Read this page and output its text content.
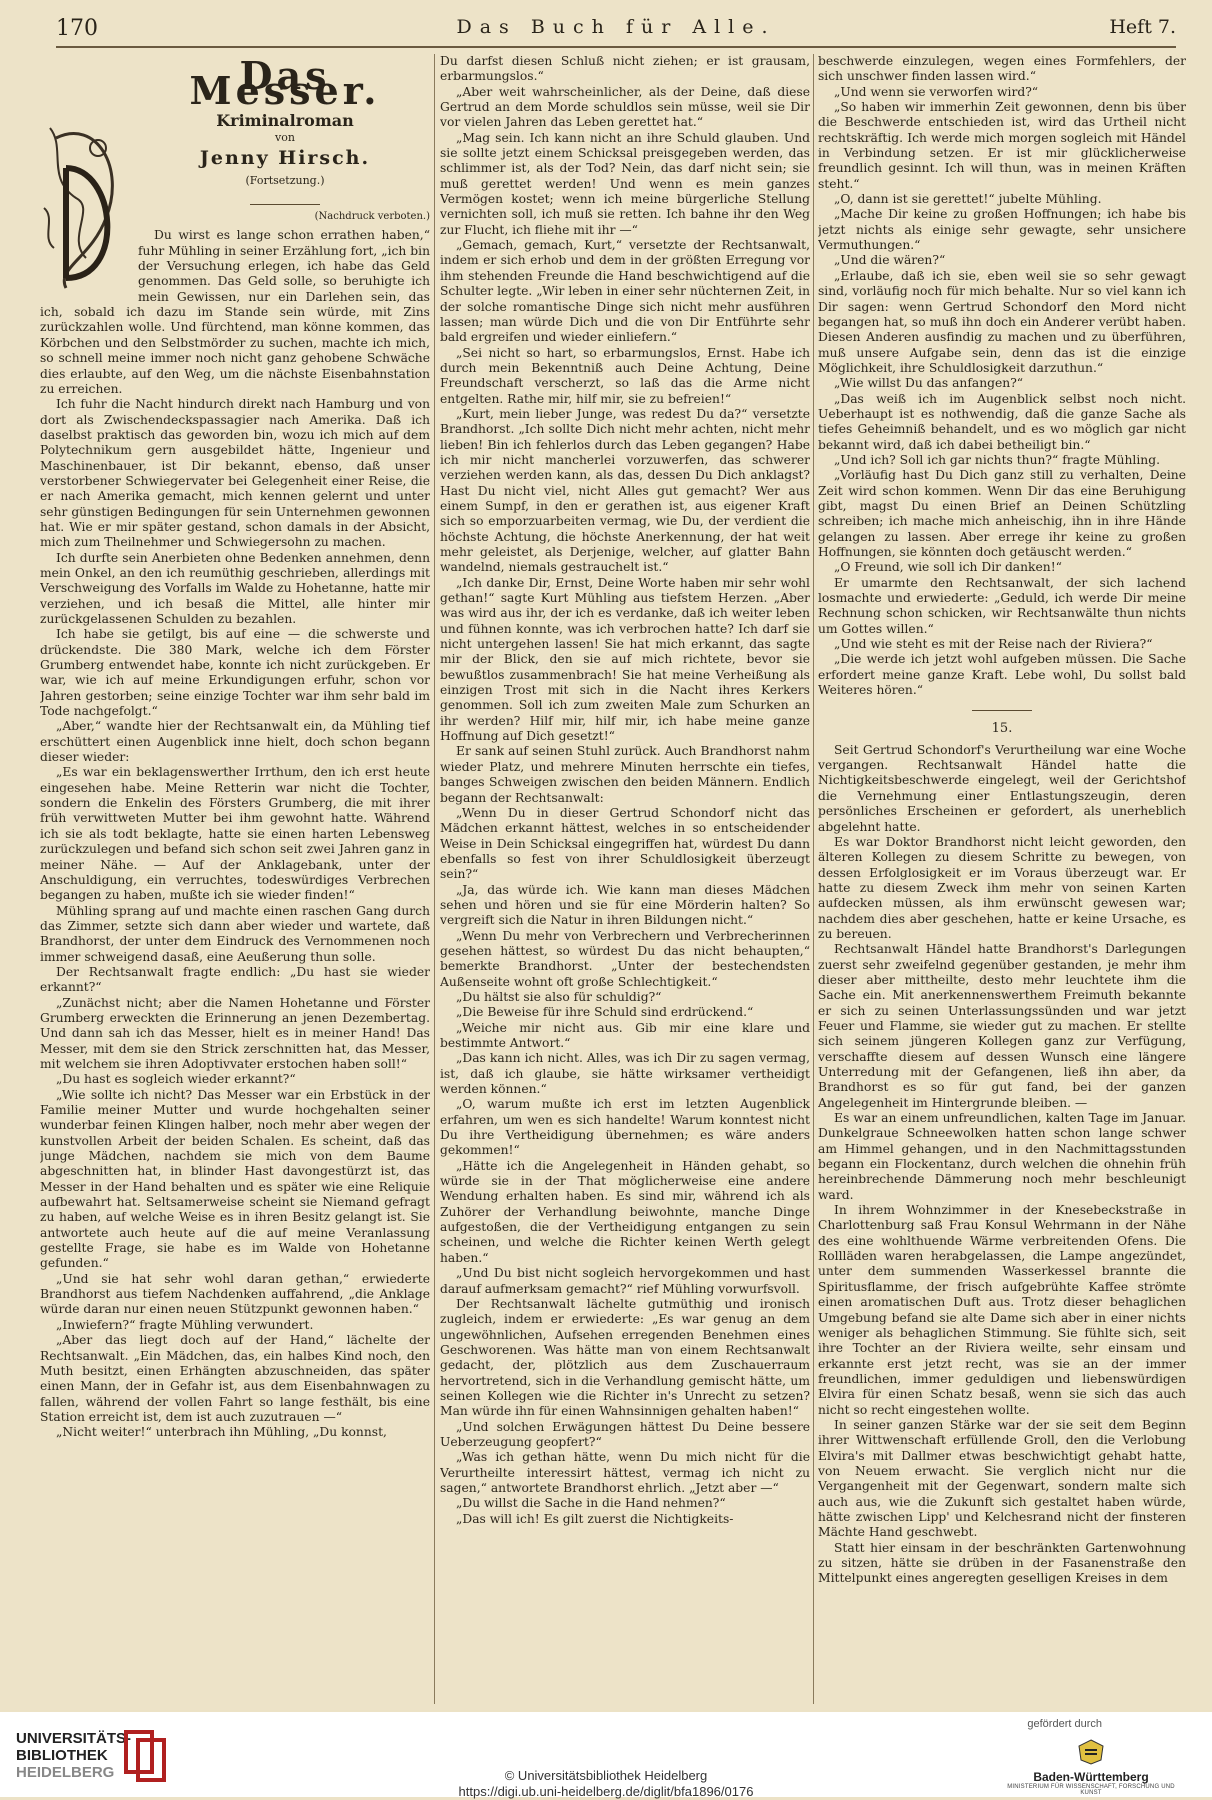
170	Das Buch für Alle.	Heft 7.
Das Messer.
Kriminalroman
von
Jenny Hirsch.
(Fortsetzung.)
(Nachdruck verboten.)

Du wirst es lange schon errathen haben,“ fuhr Mühling in seiner Erzählung fort, „ich bin der Versuchung erlegen, ich habe das Geld genommen. Das Geld solle, so beruhigte ich mein Gewissen, nur ein Darlehen sein, das ich, sobald ich dazu im Stande sein würde, mit Zins zurückzahlen wolle. Und fürchtend, man könne kommen, das Körbchen und den Selbstmörder zu suchen, machte ich mich, so schnell meine immer noch nicht ganz gehobene Schwäche dies erlaubte, auf den Weg, um die nächste Eisenbahnstation zu erreichen.

Ich fuhr die Nacht hindurch direkt nach Hamburg und von dort als Zwischendeckspassagier nach Amerika. Daß ich daselbst praktisch das geworden bin, wozu ich mich auf dem Polytechnikum gern ausgebildet hätte, Ingenieur und Maschinenbauer, ist Dir bekannt, ebenso, daß unser verstorbener Schwiegervater bei Gelegenheit einer Reise, die er nach Amerika gemacht, mich kennen gelernt und unter sehr günstigen Bedingungen für sein Unternehmen gewonnen hat. Wie er mir später gestand, schon damals in der Absicht, mich zum Theilnehmer und Schwiegersohn zu machen.

Ich durfte sein Anerbieten ohne Bedenken annehmen, denn mein Onkel, an den ich reumüthig geschrieben, allerdings mit Verschweigung des Vorfalls im Walde zu Hohetanne, hatte mir verziehen, und ich besaß die Mittel, alle hinter mir zurückgelassenen Schulden zu bezahlen.

Ich habe sie getilgt, bis auf eine — die schwerste und drückendste. Die 380 Mark, welche ich dem Förster Grumberg entwendet habe, konnte ich nicht zurückgeben. Er war, wie ich auf meine Erkundigungen erfuhr, schon vor Jahren gestorben; seine einzige Tochter war ihm sehr bald im Tode nachgefolgt.“

„Aber,“ wandte hier der Rechtsanwalt ein, da Mühling tief erschüttert einen Augenblick inne hielt, doch schon begann dieser wieder:

„Es war ein beklagenswerther Irrthum, den ich erst heute eingesehen habe. Meine Retterin war nicht die Tochter, sondern die Enkelin des Försters Grumberg, die mit ihrer früh verwittweten Mutter bei ihm gewohnt hatte. Während ich sie als todt beklagte, hatte sie einen harten Lebensweg zurückzulegen und befand sich schon seit zwei Jahren ganz in meiner Nähe. — Auf der Anklagebank, unter der Anschuldigung, ein verruchtes, todeswürdiges Verbrechen begangen zu haben, mußte ich sie wieder finden!“

Mühling sprang auf und machte einen raschen Gang durch das Zimmer, setzte sich dann aber wieder und wartete, daß Brandhorst, der unter dem Eindruck des Vernommenen noch immer schweigend dasaß, eine Aeußerung thun solle.

Der Rechtsanwalt fragte endlich: „Du hast sie wieder erkannt?“

„Zunächst nicht; aber die Namen Hohetanne und Förster Grumberg erweckten die Erinnerung an jenen Dezembertag. Und dann sah ich das Messer, hielt es in meiner Hand! Das Messer, mit dem sie den Strick zerschnitten hat, das Messer, mit welchem sie ihren Adoptivvater erstochen haben soll!“

„Du hast es sogleich wieder erkannt?“

„Wie sollte ich nicht? Das Messer war ein Erbstück in der Familie meiner Mutter und wurde hochgehalten seiner wunderbar feinen Klingen halber, noch mehr aber wegen der kunstvollen Arbeit der beiden Schalen. Es scheint, daß das junge Mädchen, nachdem sie mich von dem Baume abgeschnitten hat, in blinder Hast davongestürzt ist, das Messer in der Hand behalten und es später wie eine Reliquie aufbewahrt hat. Seltsamerweise scheint sie Niemand gefragt zu haben, auf welche Weise es in ihren Besitz gelangt ist. Sie antwortete auch heute auf die auf meine Veranlassung gestellte Frage, sie habe es im Walde von Hohetanne gefunden.“

„Und sie hat sehr wohl daran gethan,“ erwiederte Brandhorst aus tiefem Nachdenken auffahrend, „die Anklage würde daran nur einen neuen Stützpunkt gewonnen haben.“

„Inwiefern?“ fragte Mühling verwundert.

„Aber das liegt doch auf der Hand,“ lächelte der Rechtsanwalt. „Ein Mädchen, das, ein halbes Kind noch, den Muth besitzt, einen Erhängten abzuschneiden, das später einen Mann, der in Gefahr ist, aus dem Eisenbahnwagen zu fallen, während der vollen Fahrt so lange festhält, bis eine Station erreicht ist, dem ist auch zuzutrauen —“

„Nicht weiter!“ unterbrach ihn Mühling, „Du konnst,

Du darfst diesen Schluß nicht ziehen; er ist grausam, erbarmungslos.“

„Aber weit wahrscheinlicher, als der Deine, daß diese Gertrud an dem Morde schuldlos sein müsse, weil sie Dir vor vielen Jahren das Leben gerettet hat.“

„Mag sein. Ich kann nicht an ihre Schuld glauben. Und sie sollte jetzt einem Schicksal preisgegeben werden, das schlimmer ist, als der Tod? Nein, das darf nicht sein; sie muß gerettet werden! Und wenn es mein ganzes Vermögen kostet; wenn ich meine bürgerliche Stellung vernichten soll, ich muß sie retten. Ich bahne ihr den Weg zur Flucht, ich fliehe mit ihr —“

„Gemach, gemach, Kurt,“ versetzte der Rechtsanwalt, indem er sich erhob und dem in der größten Erregung vor ihm stehenden Freunde die Hand beschwichtigend auf die Schulter legte. „Wir leben in einer sehr nüchternen Zeit, in der solche romantische Dinge sich nicht mehr ausführen lassen; man würde Dich und die von Dir Entführte sehr bald ergreifen und wieder einliefern.“

„Sei nicht so hart, so erbarmungslos, Ernst. Habe ich durch mein Bekenntniß auch Deine Achtung, Deine Freundschaft verscherzt, so laß das die Arme nicht entgelten. Rathe mir, hilf mir, sie zu befreien!“

„Kurt, mein lieber Junge, was redest Du da?“ versetzte Brandhorst. „Ich sollte Dich nicht mehr achten, nicht mehr lieben! Bin ich fehlerlos durch das Leben gegangen? Habe ich mir nicht mancherlei vorzuwerfen, das schwerer verziehen werden kann, als das, dessen Du Dich anklagst? Hast Du nicht viel, nicht Alles gut gemacht? Wer aus einem Sumpf, in den er gerathen ist, aus eigener Kraft sich so emporzuarbeiten vermag, wie Du, der verdient die höchste Achtung, die höchste Anerkennung, der hat weit mehr geleistet, als Derjenige, welcher, auf glatter Bahn wandelnd, niemals gestrauchelt ist.“

„Ich danke Dir, Ernst, Deine Worte haben mir sehr wohl gethan!“ sagte Kurt Mühling aus tiefstem Herzen. „Aber was wird aus ihr, der ich es verdanke, daß ich weiter leben und fühnen konnte, was ich verbrochen hatte? Ich darf sie nicht untergehen lassen! Sie hat mich erkannt, das sagte mir der Blick, den sie auf mich richtete, bevor sie bewußtlos zusammenbrach! Sie hat meine Verheißung als einzigen Trost mit sich in die Nacht ihres Kerkers genommen. Soll ich zum zweiten Male zum Schurken an ihr werden? Hilf mir, hilf mir, ich habe meine ganze Hoffnung auf Dich gesetzt!“

Er sank auf seinen Stuhl zurück. Auch Brandhorst nahm wieder Platz, und mehrere Minuten herrschte ein tiefes, banges Schweigen zwischen den beiden Männern. Endlich begann der Rechtsanwalt:

„Wenn Du in dieser Gertrud Schondorf nicht das Mädchen erkannt hättest, welches in so entscheidender Weise in Dein Schicksal eingegriffen hat, würdest Du dann ebenfalls so fest von ihrer Schuldlosigkeit überzeugt sein?“

„Ja, das würde ich. Wie kann man dieses Mädchen sehen und hören und sie für eine Mörderin halten? So vergreift sich die Natur in ihren Bildungen nicht.“

„Wenn Du mehr von Verbrechern und Verbrecherinnen gesehen hättest, so würdest Du das nicht behaupten,“ bemerkte Brandhorst. „Unter der bestechendsten Außenseite wohnt oft große Schlechtigkeit.“

„Du hältst sie also für schuldig?“

„Die Beweise für ihre Schuld sind erdrückend.“

„Weiche mir nicht aus. Gib mir eine klare und bestimmte Antwort.“

„Das kann ich nicht. Alles, was ich Dir zu sagen vermag, ist, daß ich glaube, sie hätte wirksamer vertheidigt werden können.“

„O, warum mußte ich erst im letzten Augenblick erfahren, um wen es sich handelte! Warum konntest nicht Du ihre Vertheidigung übernehmen; es wäre anders gekommen!“

„Hätte ich die Angelegenheit in Händen gehabt, so würde sie in der That möglicherweise eine andere Wendung erhalten haben. Es sind mir, während ich als Zuhörer der Verhandlung beiwohnte, manche Dinge aufgestoßen, die der Vertheidigung entgangen zu sein scheinen, und welche die Richter keinen Werth gelegt haben.“

„Und Du bist nicht sogleich hervorgekommen und hast darauf aufmerksam gemacht?“ rief Mühling vorwurfsvoll.

Der Rechtsanwalt lächelte gutmüthig und ironisch zugleich, indem er erwiederte: „Es war genug an dem ungewöhnlichen, Aufsehen erregenden Benehmen eines Geschworenen. Was hätte man von einem Rechtsanwalt gedacht, der, plötzlich aus dem Zuschauerraum hervortretend, sich in die Verhandlung gemischt hätte, um seinen Kollegen wie die Richter in's Unrecht zu setzen? Man würde ihn für einen Wahnsinnigen gehalten haben!“

„Und solchen Erwägungen hättest Du Deine bessere Ueberzeugung geopfert?“

„Was ich gethan hätte, wenn Du mich nicht für die Verurtheilte interessirt hättest, vermag ich nicht zu sagen,“ antwortete Brandhorst ehrlich. „Jetzt aber —“

„Du willst die Sache in die Hand nehmen?“

„Das will ich! Es gilt zuerst die Nichtigkeits-

beschwerde einzulegen, wegen eines Formfehlers, der sich unschwer finden lassen wird.“

„Und wenn sie verworfen wird?“

„So haben wir immerhin Zeit gewonnen, denn bis über die Beschwerde entschieden ist, wird das Urtheil nicht rechtskräftig. Ich werde mich morgen sogleich mit Händel in Verbindung setzen. Er ist mir glücklicherweise freundlich gesinnt. Ich will thun, was in meinen Kräften steht.“

„O, dann ist sie gerettet!“ jubelte Mühling.

„Mache Dir keine zu großen Hoffnungen; ich habe bis jetzt nichts als einige sehr gewagte, sehr unsichere Vermuthungen.“

„Und die wären?“

„Erlaube, daß ich sie, eben weil sie so sehr gewagt sind, vorläufig noch für mich behalte. Nur so viel kann ich Dir sagen: wenn Gertrud Schondorf den Mord nicht begangen hat, so muß ihn doch ein Anderer verübt haben. Diesen Anderen ausfindig zu machen und zu überführen, muß unsere Aufgabe sein, denn das ist die einzige Möglichkeit, ihre Schuldlosigkeit darzuthun.“

„Wie willst Du das anfangen?“

„Das weiß ich im Augenblick selbst noch nicht. Ueberhaupt ist es nothwendig, daß die ganze Sache als tiefes Geheimniß behandelt, und es wo möglich gar nicht bekannt wird, daß ich dabei betheiligt bin.“

„Und ich? Soll ich gar nichts thun?“ fragte Mühling.

„Vorläufig hast Du Dich ganz still zu verhalten, Deine Zeit wird schon kommen. Wenn Dir das eine Beruhigung gibt, magst Du einen Brief an Deinen Schützling schreiben; ich mache mich anheischig, ihn in ihre Hände gelangen zu lassen. Aber errege ihr keine zu großen Hoffnungen, sie könnten doch getäuscht werden.“

„O Freund, wie soll ich Dir danken!“

Er umarmte den Rechtsanwalt, der sich lachend losmachte und erwiederte: „Geduld, ich werde Dir meine Rechnung schon schicken, wir Rechtsanwälte thun nichts um Gottes willen.“

„Und wie steht es mit der Reise nach der Riviera?“

„Die werde ich jetzt wohl aufgeben müssen. Die Sache erfordert meine ganze Kraft. Lebe wohl, Du sollst bald Weiteres hören.“

15.

Seit Gertrud Schondorf's Verurtheilung war eine Woche vergangen. Rechtsanwalt Händel hatte die Nichtigkeitsbeschwerde eingelegt, weil der Gerichtshof die Vernehmung einer Entlastungszeugin, deren persönliches Erscheinen er gefordert, als unerheblich abgelehnt hatte.

Es war Doktor Brandhorst nicht leicht geworden, den älteren Kollegen zu diesem Schritte zu bewegen, von dessen Erfolglosigkeit er im Voraus überzeugt war. Er hatte zu diesem Zweck ihm mehr von seinen Karten aufdecken müssen, als ihm erwünscht gewesen war; nachdem dies aber geschehen, hatte er keine Ursache, es zu bereuen.

Rechtsanwalt Händel hatte Brandhorst's Darlegungen zuerst sehr zweifelnd gegenüber gestanden, je mehr ihm dieser aber mittheilte, desto mehr leuchtete ihm die Sache ein. Mit anerkennenswerthem Freimuth bekannte er sich zu seinen Unterlassungssünden und war jetzt Feuer und Flamme, sie wieder gut zu machen. Er stellte sich seinem jüngeren Kollegen ganz zur Verfügung, verschaffte diesem auf dessen Wunsch eine längere Unterredung mit der Gefangenen, ließ ihn aber, da Brandhorst es so für gut fand, bei der ganzen Angelegenheit im Hintergrunde bleiben. —

Es war an einem unfreundlichen, kalten Tage im Januar. Dunkelgraue Schneewolken hatten schon lange schwer am Himmel gehangen, und in den Nachmittagsstunden begann ein Flockentanz, durch welchen die ohnehin früh hereinbrechende Dämmerung noch mehr beschleunigt ward.

In ihrem Wohnzimmer in der Knesebeckstraße in Charlottenburg saß Frau Konsul Wehrmann in der Nähe des eine wohlthuende Wärme verbreitenden Ofens. Die Rollläden waren herabgelassen, die Lampe angezündet, unter dem summenden Wasserkessel brannte die Spiritusflamme, der frisch aufgebrühte Kaffee strömte einen aromatischen Duft aus. Trotz dieser behaglichen Umgebung befand sie alte Dame sich aber in einer nichts weniger als behaglichen Stimmung. Sie fühlte sich, seit ihre Tochter an der Riviera weilte, sehr einsam und erkannte erst jetzt recht, was sie an der immer freundlichen, immer geduldigen und liebenswürdigen Elvira für einen Schatz besaß, wenn sie sich das auch nicht so recht eingestehen wollte.

In seiner ganzen Stärke war der sie seit dem Beginn ihrer Wittwenschaft erfüllende Groll, den die Verlobung Elvira's mit Dallmer etwas beschwichtigt gehabt hatte, von Neuem erwacht. Sie verglich nicht nur die Vergangenheit mit der Gegenwart, sondern malte sich auch aus, wie die Zukunft sich gestaltet haben würde, hätte zwischen Lipp' und Kelchesrand nicht der finsteren Mächte Hand geschwebt.

Statt hier einsam in der beschränkten Gartenwohnung zu sitzen, hätte sie drüben in der Fasanenstraße den Mittelpunkt eines angeregten geselligen Kreises in dem

UNIVERSITÄTS-
BIBLIOTHEK
HEIDELBERG	© Universitätsbibliothek Heidelberg
https://digi.ub.uni-heidelberg.de/diglit/bfa1896/0176
gefördert durch
Baden-Württemberg
MINISTERIUM FÜR WISSENSCHAFT, FORSCHUNG UND KUNST
